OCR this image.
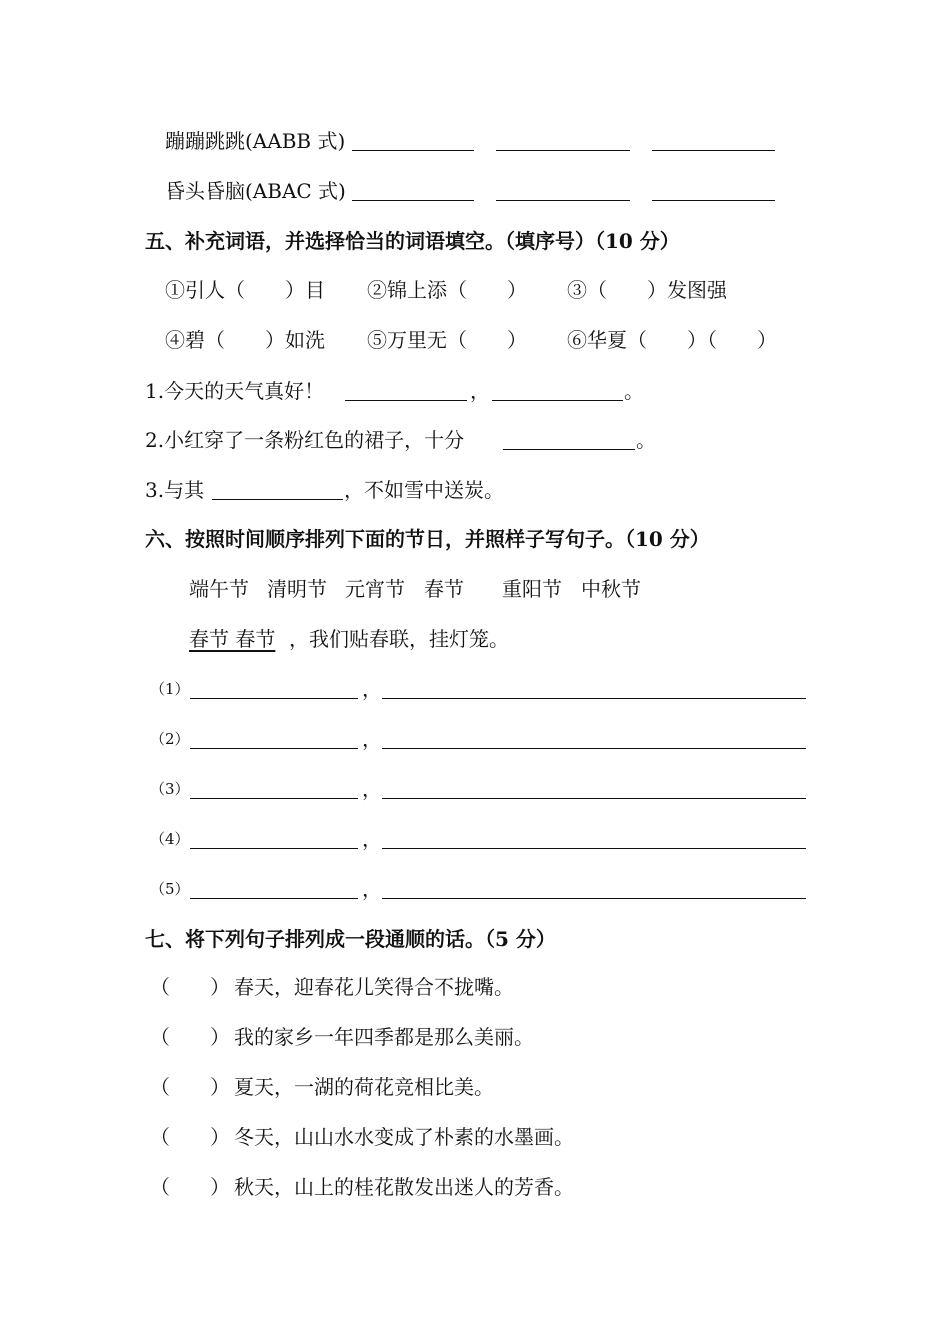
蹦蹦跳跳(AABB 式)
昏头昏脑(ABAC 式)
五、补充词语，并选择恰当的词语填空。（填序号）（10 分）
①引人（　　）目 ②锦上添（　　） ③（　　）发图强
④碧（　　）如洗 ⑤万里无（　　） ⑥华夏（　　）（　　）
1.今天的天气真好！	，	。
2.小红穿了一条粉红色的裙子，十分	。
3.与其	，不如雪中送炭。
六、按照时间顺序排列下面的节日，并照样子写句子。（10 分）
端午节 清明节 元宵节 春节 重阳节 中秋节
春节 春节 ，我们贴春联，挂灯笼。
（1）	，
（2）	，
（3）	，
（4）	，
（5）	，
七、将下列句子排列成一段通顺的话。（5 分）
（　　） 春天，迎春花儿笑得合不拢嘴。
（　　） 我的家乡一年四季都是那么美丽。
（　　） 夏天，一湖的荷花竞相比美。
（　　） 冬天，山山水水变成了朴素的水墨画。
（　　） 秋天，山上的桂花散发出迷人的芳香。
